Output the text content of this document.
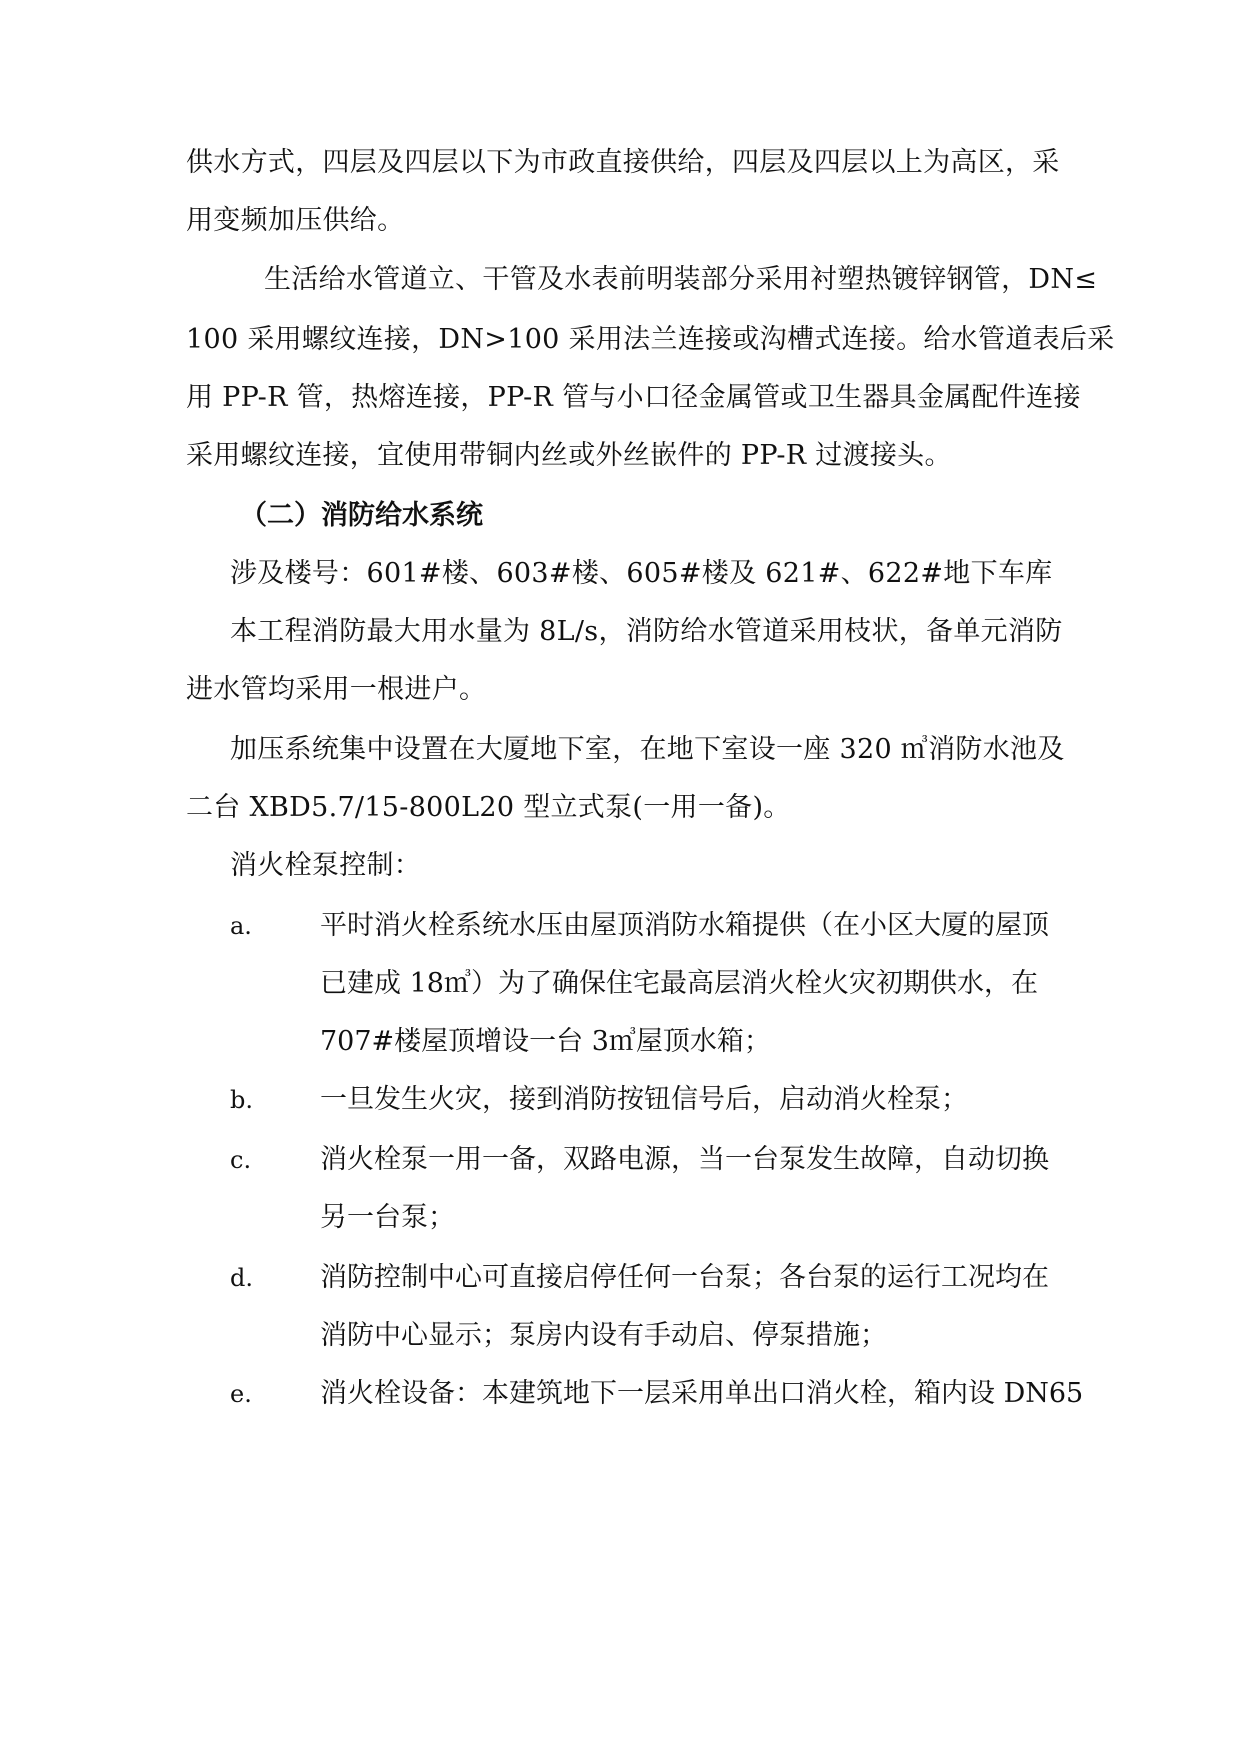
供水方式，四层及四层以下为市政直接供给，四层及四层以上为高区，采
用变频加压供给。
生活给水管道立、干管及水表前明装部分采用衬塑热镀锌钢管，DN≤
100 采用螺纹连接，DN>100 采用法兰连接或沟槽式连接。给水管道表后采
用 PP-R 管，热熔连接，PP-R 管与小口径金属管或卫生器具金属配件连接
采用螺纹连接，宜使用带铜内丝或外丝嵌件的 PP-R 过渡接头。
（二）消防给水系统
涉及楼号：601#楼、603#楼、605#楼及 621#、622#地下车库
本工程消防最大用水量为 8L/s，消防给水管道采用枝状，备单元消防
进水管均采用一根进户。
加压系统集中设置在大厦地下室，在地下室设一座 320 ㎥消防水池及
二台 XBD5.7/15-800L20 型立式泵(一用一备)。
消火栓泵控制：
a.	平时消火栓系统水压由屋顶消防水箱提供（在小区大厦的屋顶
已建成 18㎥）为了确保住宅最高层消火栓火灾初期供水，在
707#楼屋顶增设一台 3㎥屋顶水箱；
b. 一旦发生火灾，接到消防按钮信号后，启动消火栓泵；
c.	消火栓泵一用一备，双路电源，当一台泵发生故障，自动切换
另一台泵；
d. 消防控制中心可直接启停任何一台泵；各台泵的运行工况均在
消防中心显示；泵房内设有手动启、停泵措施；
e.	消火栓设备：本建筑地下一层采用单出口消火栓，箱内设 DN65
